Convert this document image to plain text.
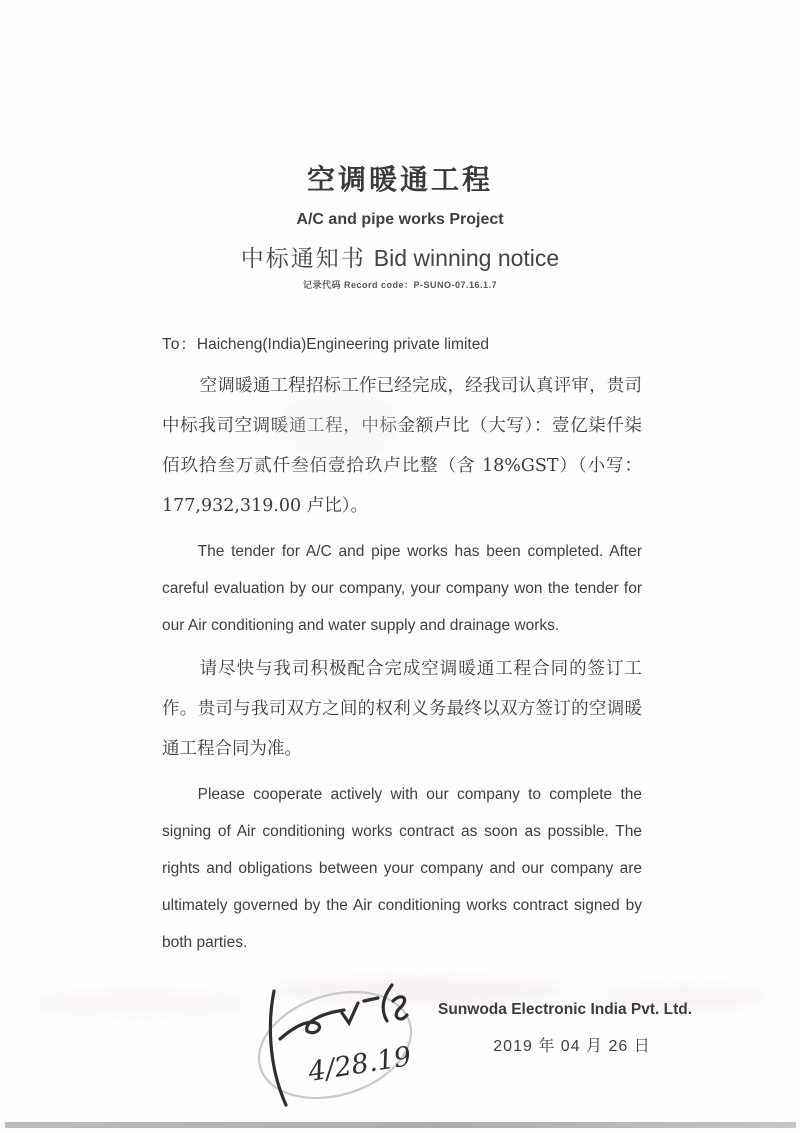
空调暖通工程
A/C and pipe works Project
中标通知书 Bid winning notice
记录代码 Record code：P-SUNO-07.16.1.7
To：Haicheng(India)Engineering private limited

空调暖通工程招标工作已经完成，经我司认真评审，贵司中标我司空调暖通工程，中标金额卢比（大写）：壹亿柒仟柒佰玖拾叁万贰仟叁佰壹拾玖卢比整（含 18%GST）（小写：177,932,319.00 卢比）。

The tender for A/C and pipe works has been completed. After careful evaluation by our company, your company won the tender for our Air conditioning and water supply and drainage works.

请尽快与我司积极配合完成空调暖通工程合同的签订工作。贵司与我司双方之间的权利义务最终以双方签订的空调暖通工程合同为准。

Please cooperate actively with our company to complete the signing of Air conditioning works contract as soon as possible. The rights and obligations between your company and our company are ultimately governed by the Air conditioning works contract signed by both parties.

4/28.19
Sunwoda Electronic India Pvt. Ltd.
2019 年 04 月 26 日
